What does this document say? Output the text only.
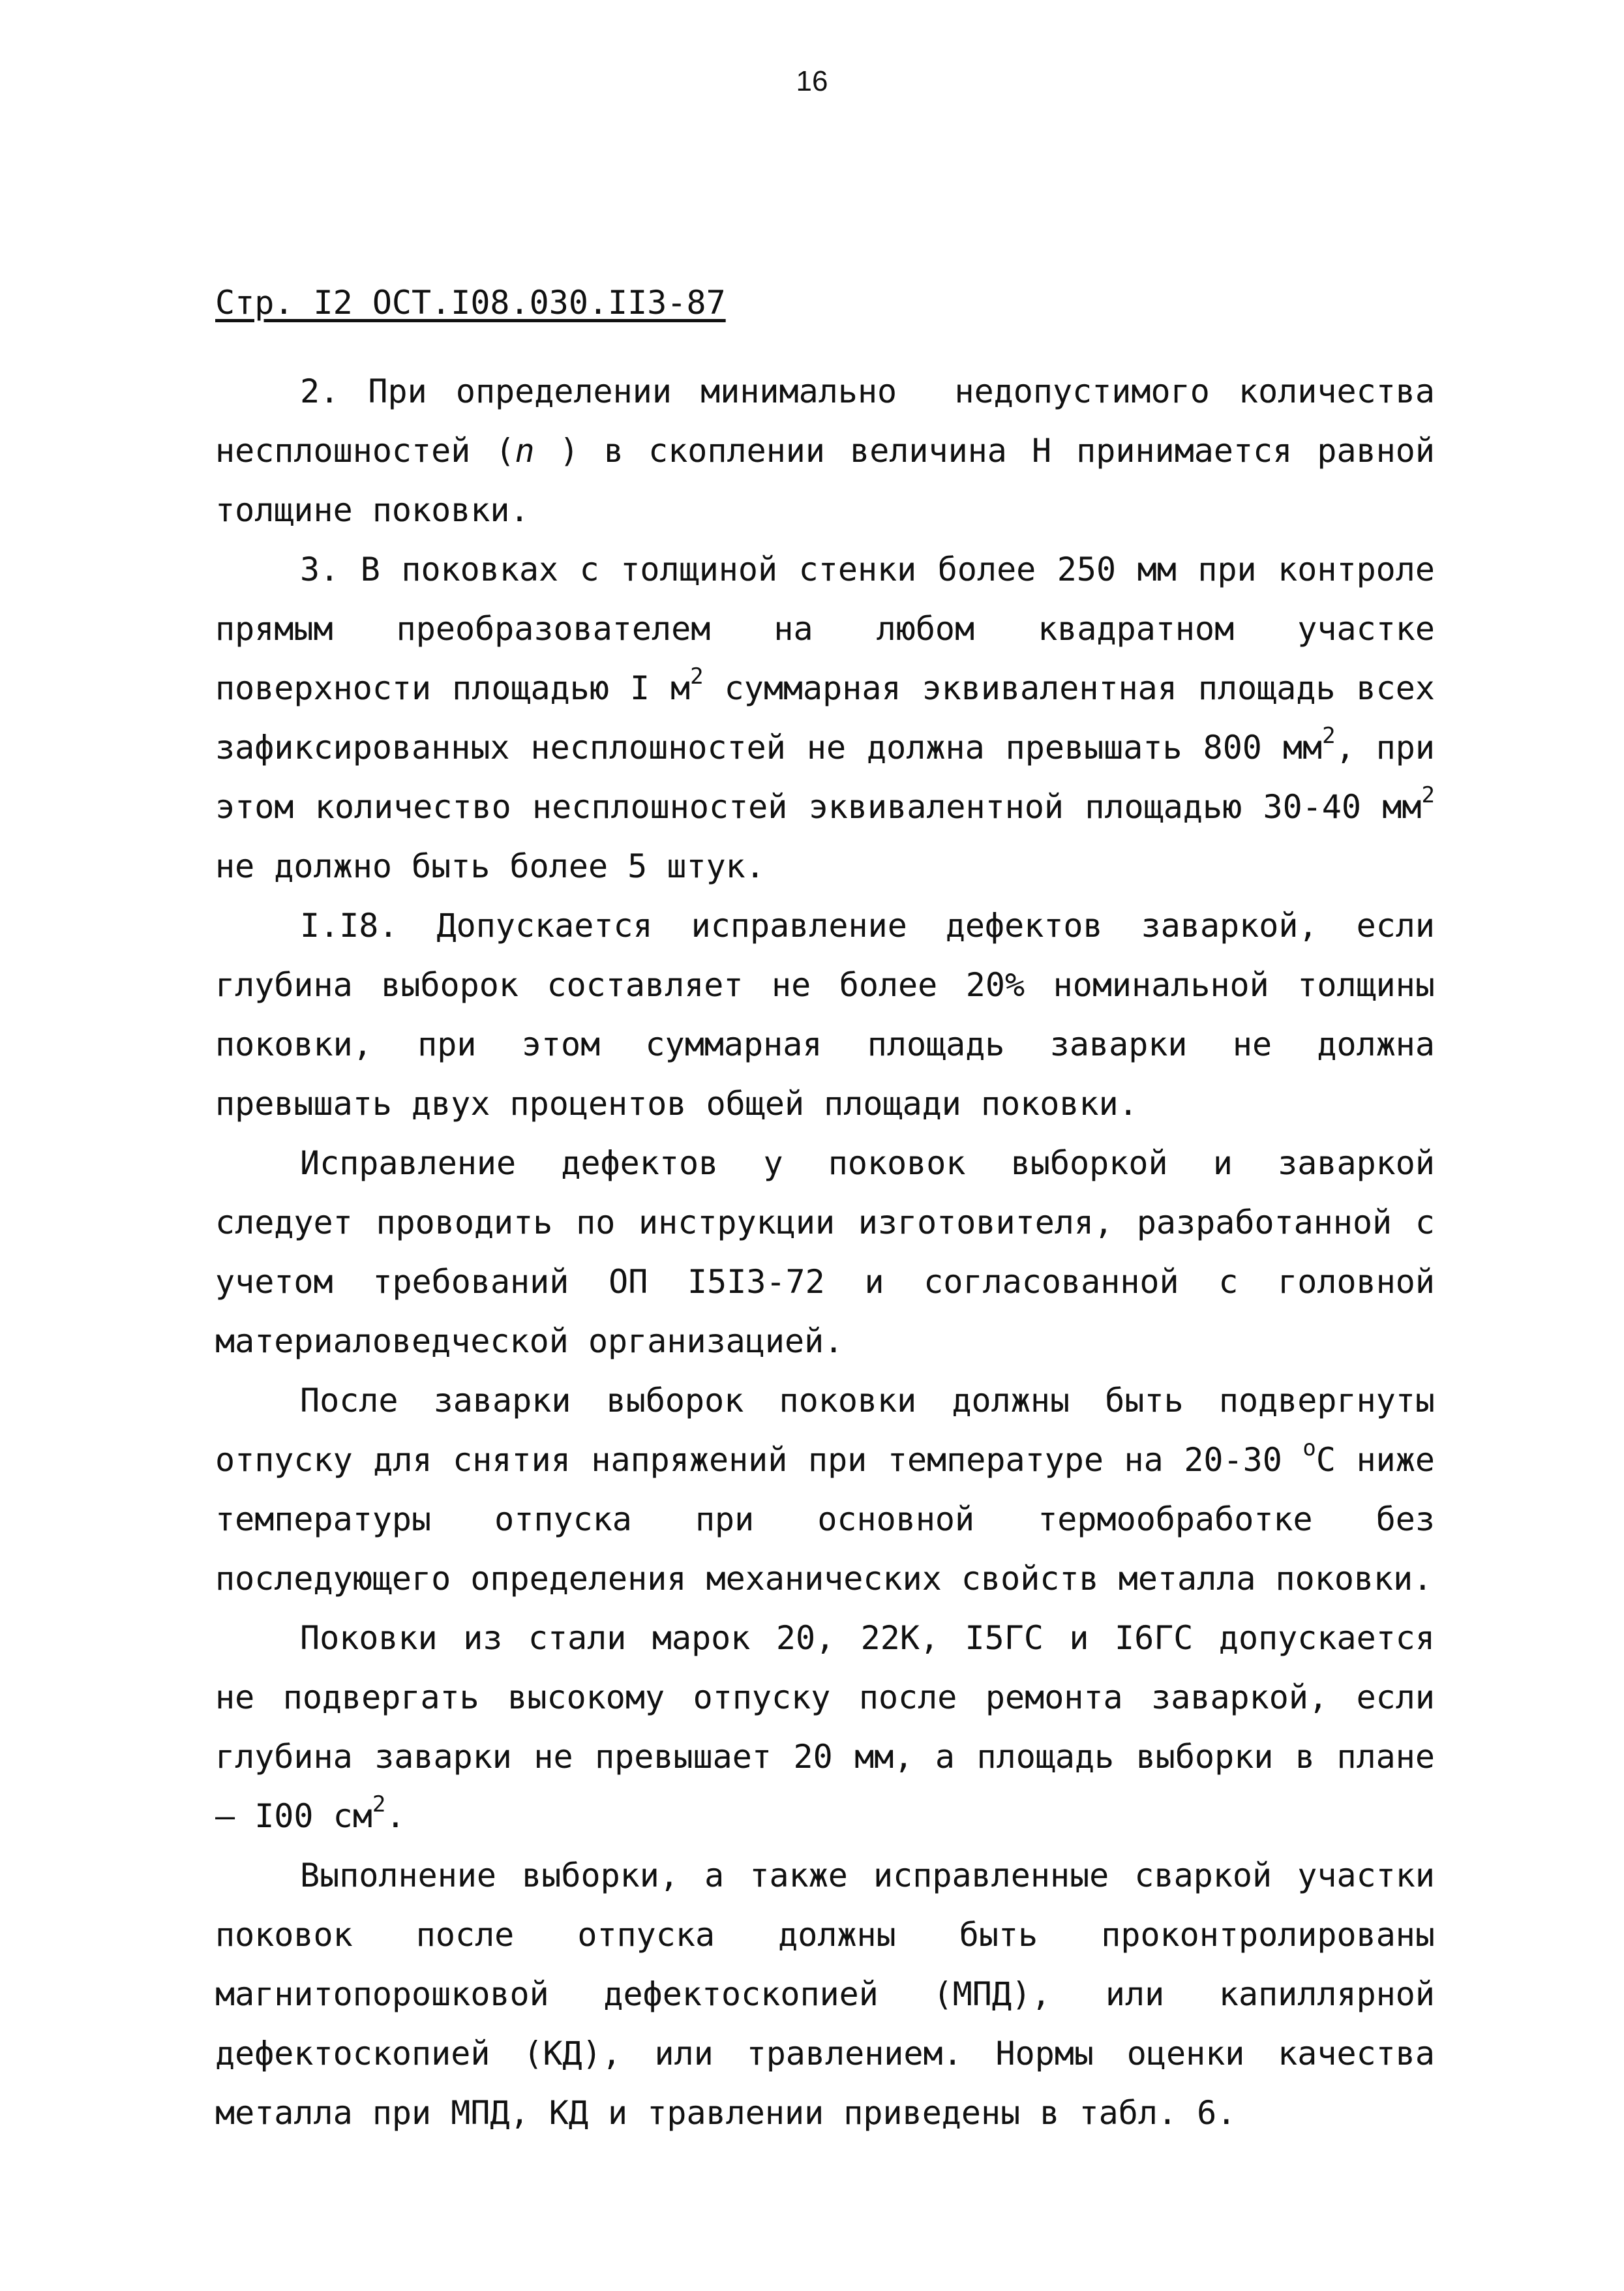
16
Стр. I2 ОСТ.I08.030.II3-87

2. При определении минимально  недопустимого количества несплошностей (n ) в скоплении величина Н принимается равной толщине поковки.

3. В поковках с толщиной стенки более 250 мм при контроле прямым преобразователем на любом квадратном участке поверхности площадью I $м^2$ суммарная эквивалентная площадь всех зафиксированных несплошностей не должна превышать 800 $мм^2$, при этом количество несплошностей эквивалентной площадью 30-40 $мм^2$ не должно быть более 5 штук.

I.I8. Допускается исправление дефектов заваркой, если глубина выборок составляет не более 20% номинальной толщины поковки, при этом суммарная площадь заварки не должна превышать двух процентов общей площади поковки.

Исправление дефектов у поковок выборкой и заваркой следует проводить по инструкции изготовителя, разработанной с учетом требований ОП I5I3-72 и согласованной с головной материаловедческой организацией.

После заварки выборок поковки должны быть подвергнуты отпуску для снятия напряжений при температуре на 20-30 $^o$С ниже температуры отпуска при основной термообработке без последующего определения механических свойств металла поковки.

Поковки из стали марок 20, 22К, I5ГС и I6ГС допускается не подвергать высокому отпуску после ремонта заваркой, если глубина заварки не превышает 20 мм, а площадь выборки в плане – I00 $см^2$.

Выполнение выборки, а также исправленные сваркой участки поковок после отпуска должны быть проконтролированы магнитопорошковой дефектоскопией (МПД), или капиллярной дефектоскопией (КД), или травлением. Нормы оценки качества металла при МПД, КД и травлении приведены в табл. 6.
